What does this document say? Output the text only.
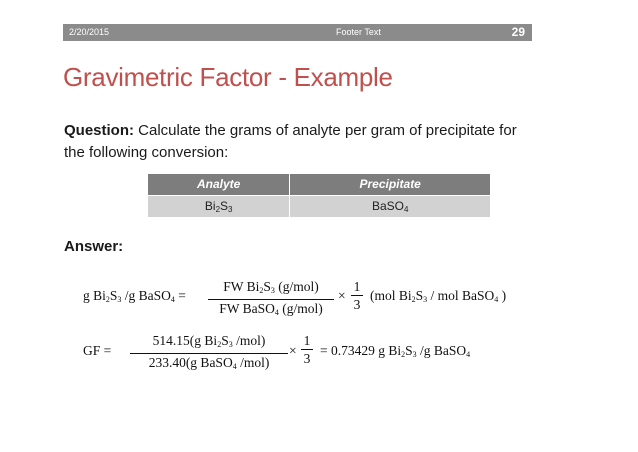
2/20/2015	Footer Text	29
Gravimetric Factor - Example
Question: Calculate the grams of analyte per gram of precipitate for the following conversion:
Analyte	Precipitate
$Bi_2S_3$	BaSO$_4$
Answer:
g $Bi_2S_3$ /g BaSO$_4$ =
FW $Bi_2S_3$ (g/mol)
FW BaSO$_4$ (g/mol)
×
1
3
(mol $Bi_2S_3$ / mol BaSO$_4$ )
GF =
514.15(g $Bi_2S_3$ /mol)
233.40(g BaSO$_4$ /mol)
×
1
3
= 0.73429 g $Bi_2S_3$ /g BaSO$_4$
